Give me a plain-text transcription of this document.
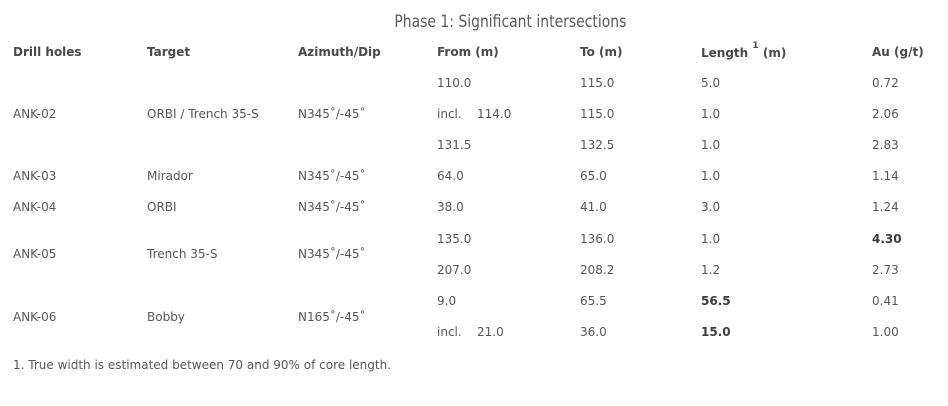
Phase 1: Significant intersections
Drill holes	Target	Azimuth/Dip	From (m)	To (m)	Length $^1$ (m)	Au (g/t)
			110.0	115.0	5.0	0.72
ANK-02	ORBI / Trench 35-S	N345˚/-45˚	incl. 114.0	115.0	1.0	2.06
			131.5	132.5	1.0	2.83
ANK-03	Mirador	N345˚/-45˚	64.0	65.0	1.0	1.14
ANK-04	ORBI	N345˚/-45˚	38.0	41.0	3.0	1.24
ANK-05	Trench 35-S	N345˚/-45˚	135.0	136.0	1.0	4.30
			207.0	208.2	1.2	2.73
ANK-06	Bobby	N165˚/-45˚	9.0	65.5	56.5	0.41
			incl. 21.0	36.0	15.0	1.00
1. True width is estimated between 70 and 90% of core length.
